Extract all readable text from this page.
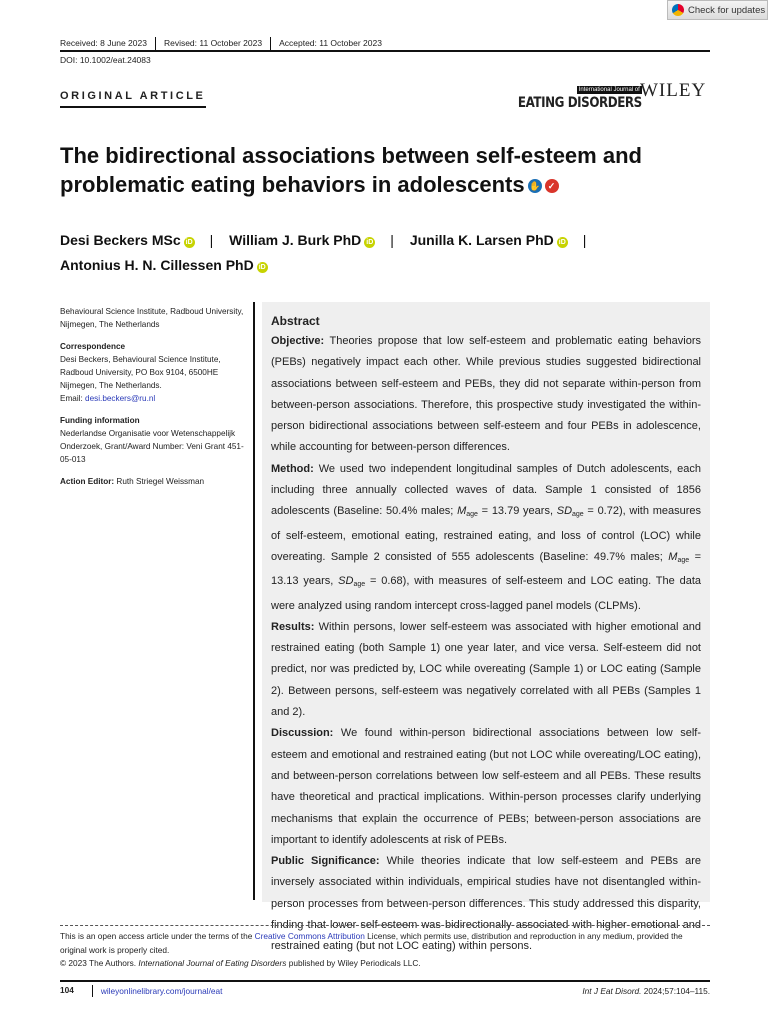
Check for updates
Received: 8 June 2023	Revised: 11 October 2023	Accepted: 11 October 2023
DOI: 10.1002/eat.24083
ORIGINAL ARTICLE	International Journal of
EATING DISORDERS
WILEY
The bidirectional associations between self-esteem and problematic eating behaviors in adolescents ✋ ✓
Desi Beckers MSc iD | William J. Burk PhD iD | Junilla K. Larsen PhD iD |
Antonius H. N. Cillessen PhD iD
Behavioural Science Institute, Radboud University, Nijmegen, The Netherlands
Correspondence
Desi Beckers, Behavioural Science Institute, Radboud University, PO Box 9104, 6500HE Nijmegen, The Netherlands.
Email: desi.beckers@ru.nl
Funding information
Nederlandse Organisatie voor Wetenschappelijk Onderzoek, Grant/Award Number: Veni Grant 451-05-013
Action Editor: Ruth Striegel Weissman
Abstract
Objective: Theories propose that low self-esteem and problematic eating behaviors (PEBs) negatively impact each other. While previous studies suggested bidirectional associations between self-esteem and PEBs, they did not separate within-person from between-person associations. Therefore, this prospective study investigated the within-person bidirectional associations between self-esteem and four PEBs in adolescence, while accounting for between-person differences.
Method: We used two independent longitudinal samples of Dutch adolescents, each including three annually collected waves of data. Sample 1 consisted of 1856 adolescents (Baseline: 50.4% males; $M_{age} = 13.79$ years, $SD_{age} = 0.72$), with measures of self-esteem, emotional eating, restrained eating, and loss of control (LOC) while overeating. Sample 2 consisted of 555 adolescents (Baseline: 49.7% males; $M_{age} = 13.13$ years, $SD_{age} = 0.68$), with measures of self-esteem and LOC eating. The data were analyzed using random intercept cross-lagged panel models (CLPMs).
Results: Within persons, lower self-esteem was associated with higher emotional and restrained eating (both Sample 1) one year later, and vice versa. Self-esteem did not predict, nor was predicted by, LOC while overeating (Sample 1) or LOC eating (Sample 2). Between persons, self-esteem was negatively correlated with all PEBs (Samples 1 and 2).
Discussion: We found within-person bidirectional associations between low self-esteem and emotional and restrained eating (but not LOC while overeating/LOC eating), and between-person correlations between low self-esteem and all PEBs. These results have theoretical and practical implications. Within-person processes clarify underlying mechanisms that explain the occurrence of PEBs; between-person associations are important to identify adolescents at risk of PEBs.
Public Significance: While theories indicate that low self-esteem and PEBs are inversely associated within individuals, empirical studies have not disentangled within-person processes from between-person differences. This study addressed this disparity, finding that lower self-esteem was bidirectionally associated with higher emotional and restrained eating (but not LOC eating) within persons.
This is an open access article under the terms of the Creative Commons Attribution License, which permits use, distribution and reproduction in any medium, provided the original work is properly cited.
© 2023 The Authors. International Journal of Eating Disorders published by Wiley Periodicals LLC.
104	wileyonlinelibrary.com/journal/eat	Int J Eat Disord. 2024;57:104–115.
